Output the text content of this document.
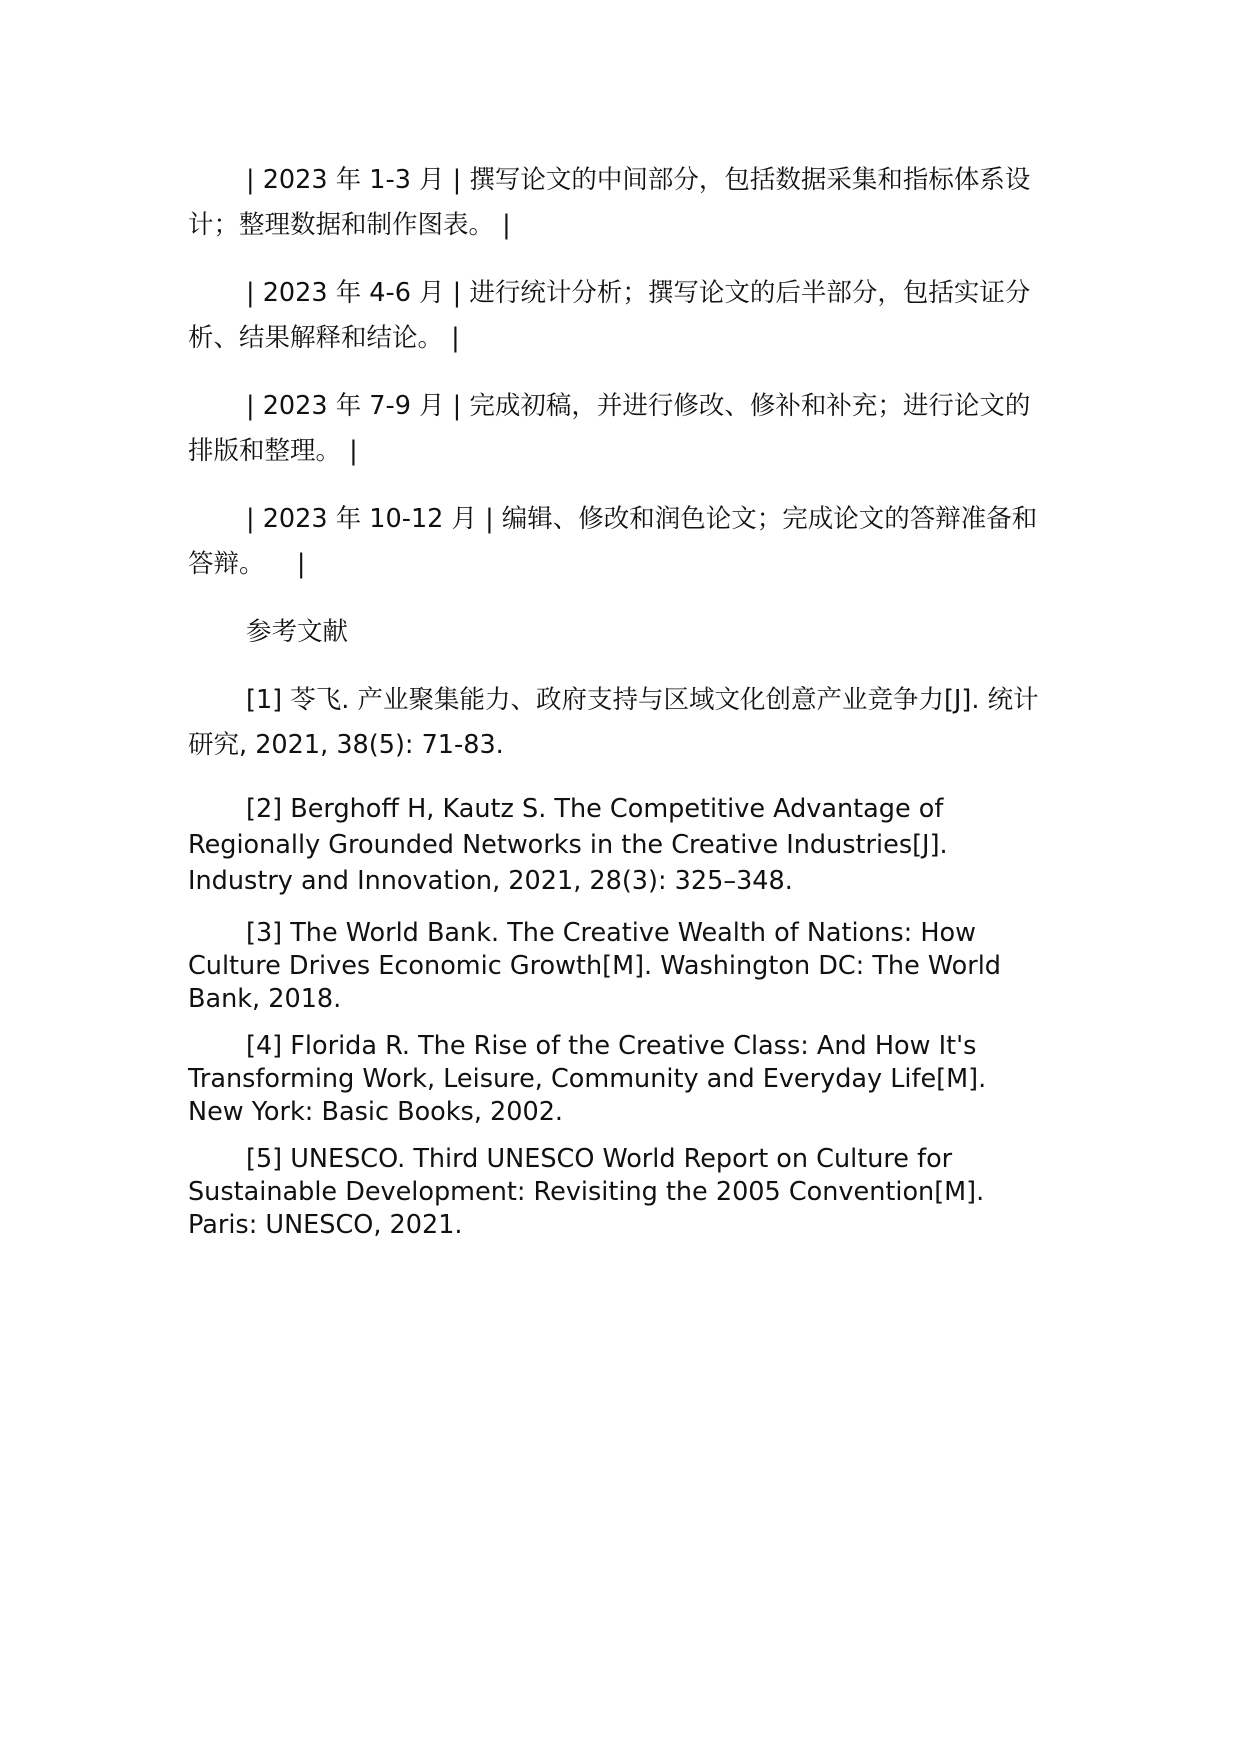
| 2023 年 1-3 月 | 撰写论文的中间部分，包括数据采集和指标体系设计；整理数据和制作图表。 |

| 2023 年 4-6 月 | 进行统计分析；撰写论文的后半部分，包括实证分析、结果解释和结论。 |

| 2023 年 7-9 月 | 完成初稿，并进行修改、修补和补充；进行论文的排版和整理。 |

| 2023 年 10-12 月 | 编辑、修改和润色论文；完成论文的答辩准备和答辩。    |

参考文献

[1] 苓飞. 产业聚集能力、政府支持与区域文化创意产业竞争力[J]. 统计研究, 2021, 38(5): 71-83.

[2] Berghoff H, Kautz S. The Competitive Advantage of Regionally Grounded Networks in the Creative Industries[J]. Industry and Innovation, 2021, 28(3): 325–348.

[3] The World Bank. The Creative Wealth of Nations: How Culture Drives Economic Growth[M]. Washington DC: The World Bank, 2018.

[4] Florida R. The Rise of the Creative Class: And How It's Transforming Work, Leisure, Community and Everyday Life[M]. New York: Basic Books, 2002.

[5] UNESCO. Third UNESCO World Report on Culture for Sustainable Development: Revisiting the 2005 Convention[M]. Paris: UNESCO, 2021.
